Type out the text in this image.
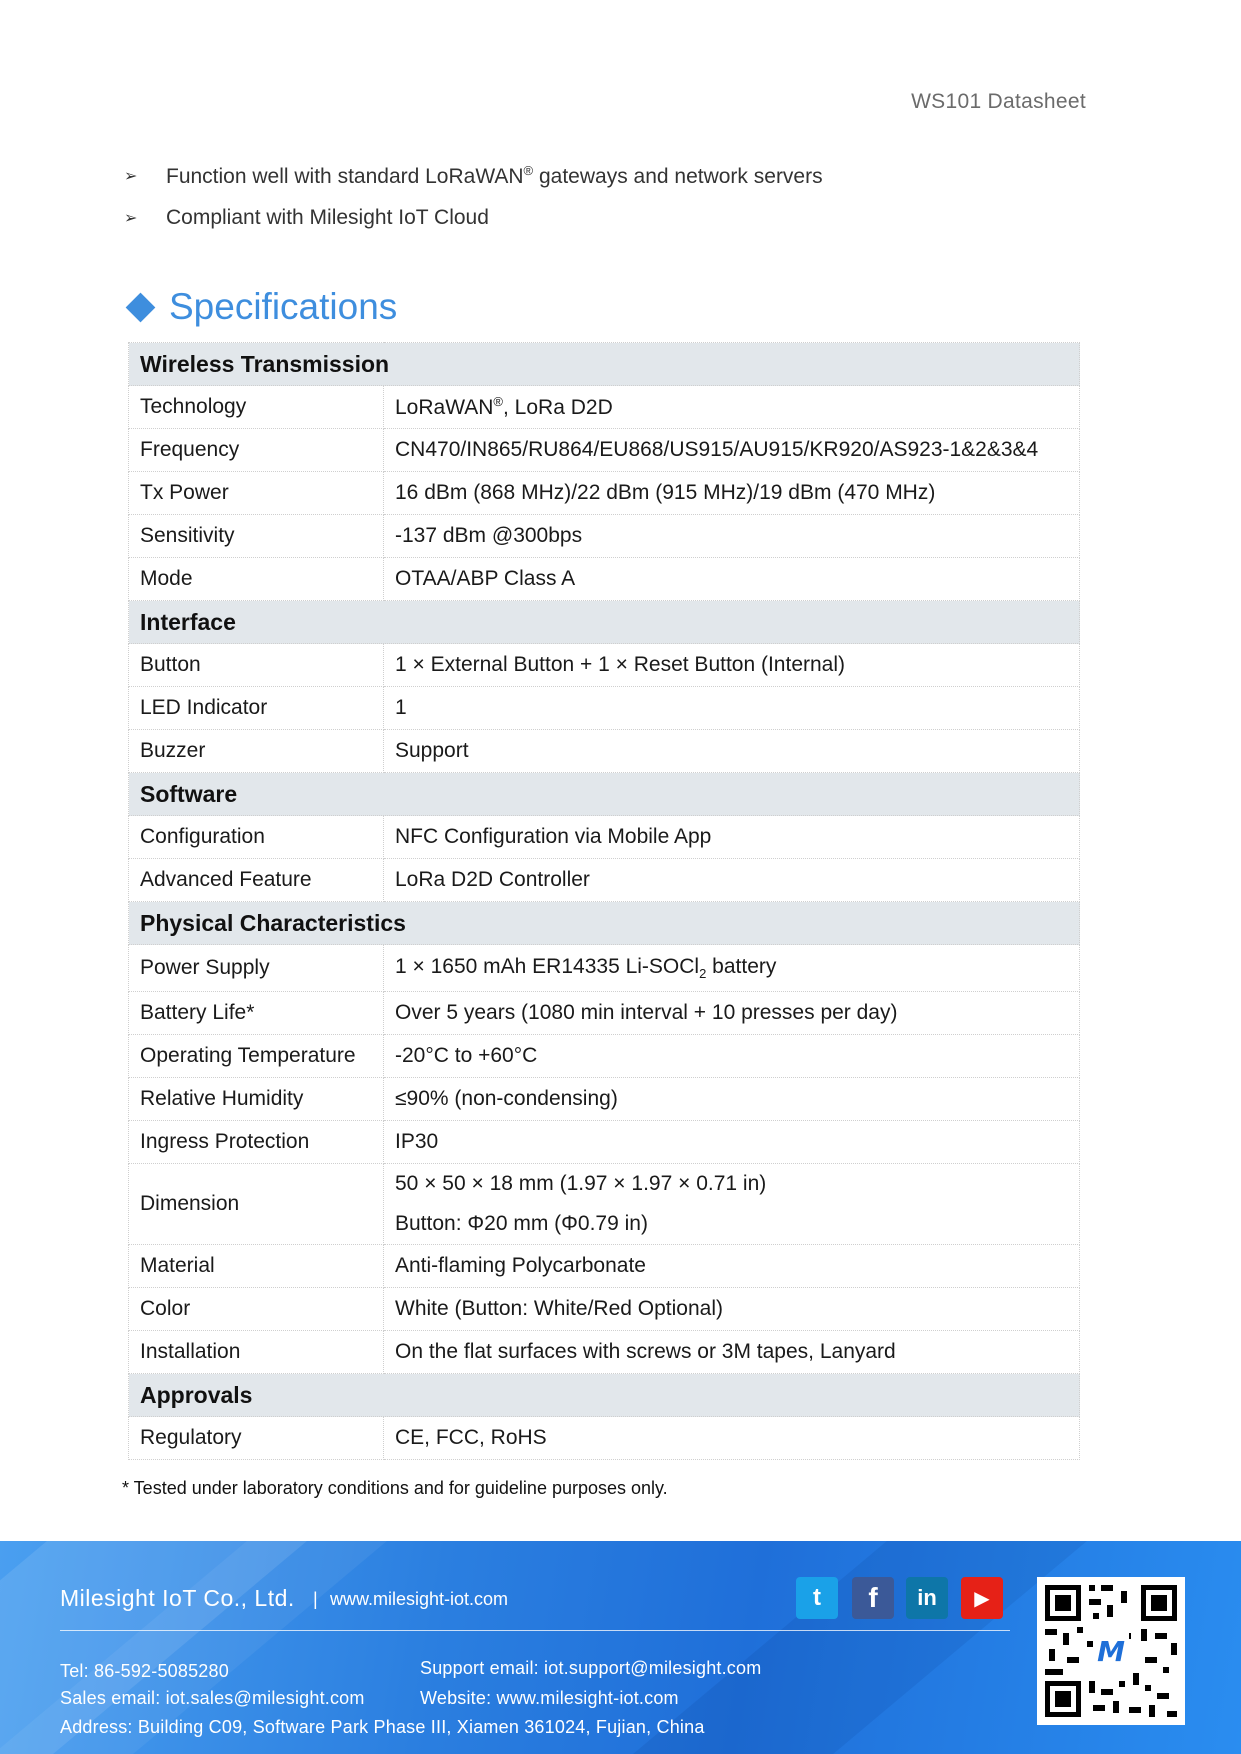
WS101 Datasheet
➢	Function well with standard LoRaWAN® gateways and network servers
➢	Compliant with Milesight IoT Cloud
Specifications
Wireless Transmission	
Technology	LoRaWAN®, LoRa D2D
Frequency	CN470/IN865/RU864/EU868/US915/AU915/KR920/AS923-1&2&3&4
Tx Power	16 dBm (868 MHz)/22 dBm (915 MHz)/19 dBm (470 MHz)
Sensitivity	-137 dBm @300bps
Mode	OTAA/ABP Class A
Interface	
Button	1 × External Button + 1 × Reset Button (Internal)
LED Indicator	1
Buzzer	Support
Software	
Configuration	NFC Configuration via Mobile App
Advanced Feature	LoRa D2D Controller
Physical Characteristics	
Power Supply	1 × 1650 mAh ER14335 Li-SOCl$_2$ battery
Battery Life*	Over 5 years (1080 min interval + 10 presses per day)
Operating Temperature	-20°C to +60°C
Relative Humidity	≤90% (non-condensing)
Ingress Protection	IP30
Dimension	50 × 50 × 18 mm (1.97 × 1.97 × 0.71 in)
Button: Φ20 mm (Φ0.79 in)

Material	Anti-flaming Polycarbonate
Color	White (Button: White/Red Optional)
Installation	On the flat surfaces with screws or 3M tapes, Lanyard
Approvals	
Regulatory	CE, FCC, RoHS
* Tested under laboratory conditions and for guideline purposes only.
Milesight IoT Co., Ltd. | www.milesight-iot.com	t f in ▶
Tel: 86-592-5085280	Support email: iot.support@milesight.com
Sales email: iot.sales@milesight.com	Website: www.milesight-iot.com
Address: Building C09, Software Park Phase III, Xiamen 361024, Fujian, China
M
